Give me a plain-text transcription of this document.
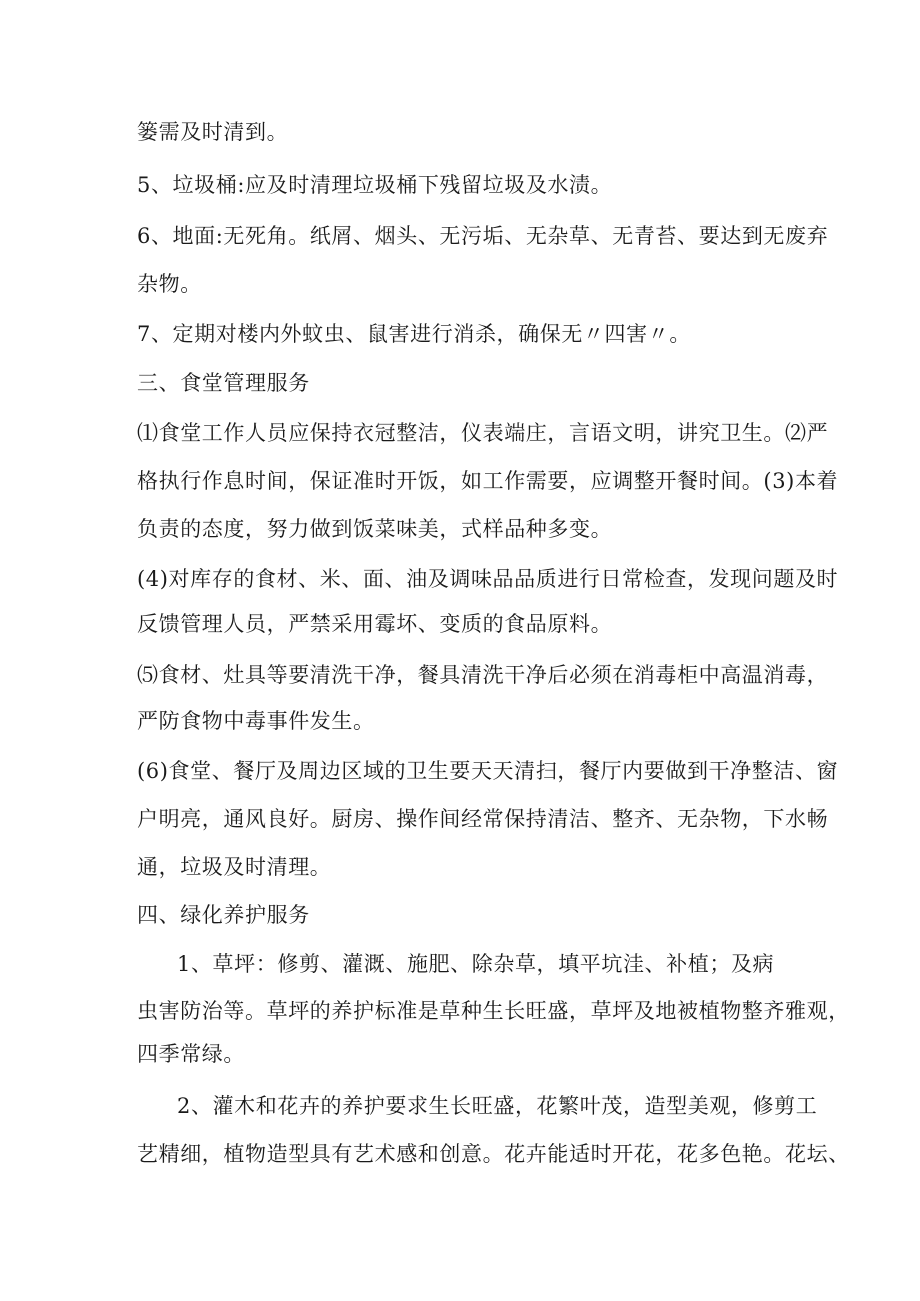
篓需及时清到。
5、垃圾桶:应及时清理垃圾桶下残留垃圾及水渍。
6、地面:无死角。纸屑、烟头、无污垢、无杂草、无青苔、要达到无废弃
杂物。
7、定期对楼内外蚊虫、鼠害进行消杀，确保无〃四害〃。
三、食堂管理服务
⑴食堂工作人员应保持衣冠整洁，仪表端庄，言语文明，讲究卫生。⑵严
格执行作息时间，保证准时开饭，如工作需要，应调整开餐时间。(3)本着
负责的态度，努力做到饭菜味美，式样品种多变。
(4)对库存的食材、米、面、油及调味品品质进行日常检查，发现问题及时
反馈管理人员，严禁采用霉坏、变质的食品原料。
⑸食材、灶具等要清洗干净，餐具清洗干净后必须在消毒柜中高温消毒，
严防食物中毒事件发生。
(6)食堂、餐厅及周边区域的卫生要天天清扫，餐厅内要做到干净整洁、窗
户明亮，通风良好。厨房、操作间经常保持清洁、整齐、无杂物，下水畅
通，垃圾及时清理。
四、绿化养护服务
1、草坪：修剪、灌溉、施肥、除杂草，填平坑洼、补植；及病
虫害防治等。草坪的养护标准是草种生长旺盛，草坪及地被植物整齐雅观，
四季常绿。
2、灌木和花卉的养护要求生长旺盛，花繁叶茂，造型美观，修剪工
艺精细，植物造型具有艺术感和创意。花卉能适时开花，花多色艳。花坛、
